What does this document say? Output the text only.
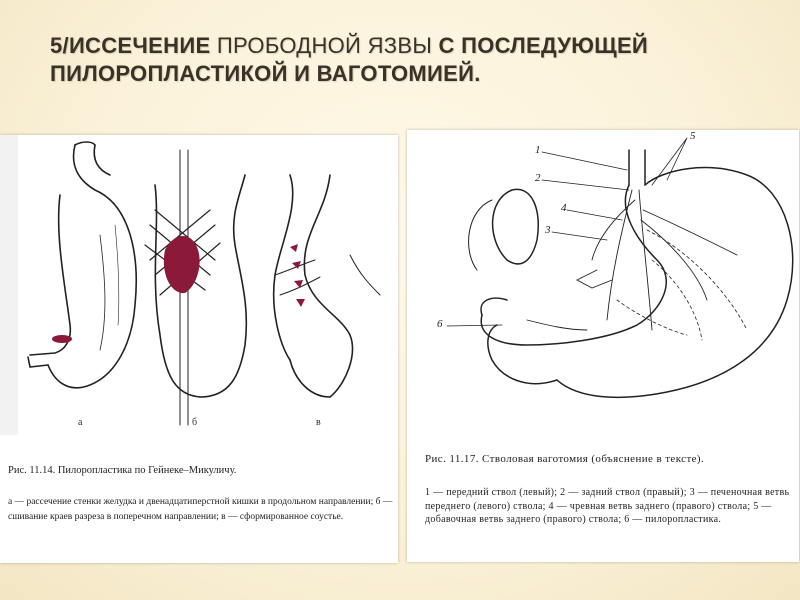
5/ИССЕЧЕНИЕ ПРОБОДНОЙ ЯЗВЫ С ПОСЛЕДУЮЩЕЙ ПИЛОРОПЛАСТИКОЙ И ВАГОТОМИЕЙ.
а	б	в
Рис. 11.14. Пилоропластика по Гейнеке–Микуличу.
а — рассечение стенки желудка и двенадцатиперстной кишки в продольном направлении; б — сшивание краев разреза в поперечном направлении; в — сформированное соустье.
1
2
3
4
5
6
Рис. 11.17. Стволовая ваготомия (объяснение в тексте).
1 — передний ствол (левый); 2 — задний ствол (правый); 3 — печеночная ветвь переднего (левого) ствола; 4 — чревная ветвь заднего (правого) ствола; 5 — добавочная ветвь заднего (правого) ствола; 6 — пилоропластика.
